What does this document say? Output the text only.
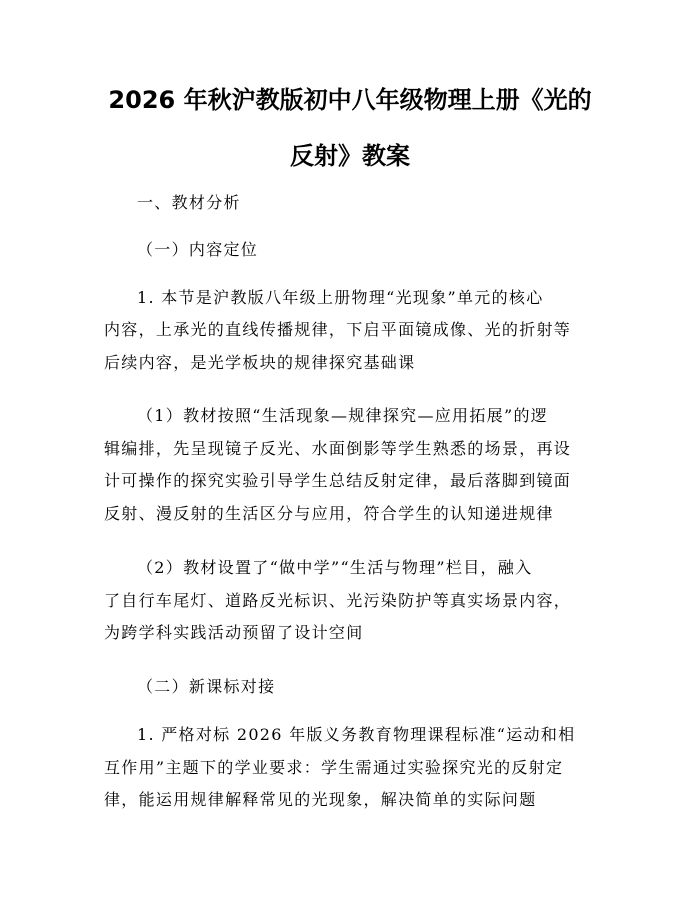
2026 年秋沪教版初中八年级物理上册《光的
反射》教案

一、教材分析

（一）内容定位

1. 本节是沪教版八年级上册物理“光现象”单元的核心

内容，上承光的直线传播规律，下启平面镜成像、光的折射等

后续内容，是光学板块的规律探究基础课

（1）教材按照“生活现象—规律探究—应用拓展”的逻

辑编排，先呈现镜子反光、水面倒影等学生熟悉的场景，再设

计可操作的探究实验引导学生总结反射定律，最后落脚到镜面

反射、漫反射的生活区分与应用，符合学生的认知递进规律

（2）教材设置了“做中学”“生活与物理”栏目，融入

了自行车尾灯、道路反光标识、光污染防护等真实场景内容，

为跨学科实践活动预留了设计空间

（二）新课标对接

1. 严格对标 2026 年版义务教育物理课程标准“运动和相

互作用”主题下的学业要求：学生需通过实验探究光的反射定

律，能运用规律解释常见的光现象，解决简单的实际问题
